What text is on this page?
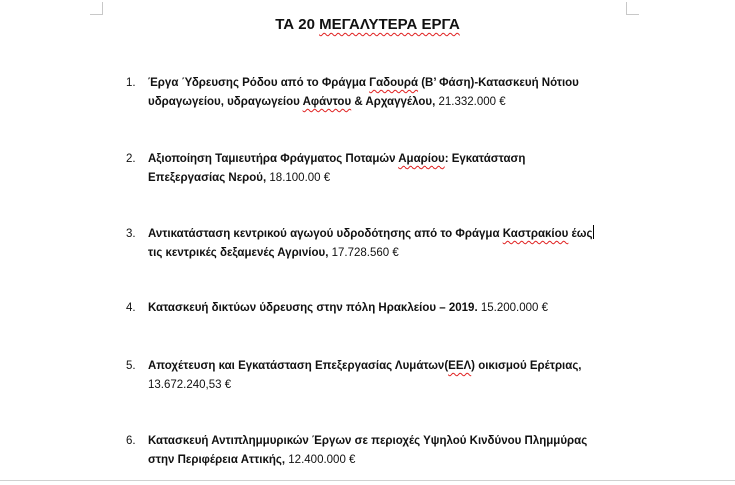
ΤΑ 20 ΜΕΓΑΛΥΤΕΡΑ ΕΡΓΑ
1.	Έργα Ύδρευσης Ρόδου από το Φράγμα Γαδουρά (Β’ Φάση)-Κατασκευή Νότιου
υδραγωγείου, υδραγωγείου Αφάντου & Αρχαγγέλου, 21.332.000 €
2.	Αξιοποίηση Ταμιευτήρα Φράγματος Ποταμών Αμαρίου: Εγκατάσταση
Επεξεργασίας Νερού, 18.100.00 €
3.	Αντικατάσταση κεντρικού αγωγού υδροδότησης από το Φράγμα Καστρακίου έως
τις κεντρικές δεξαμενές Αγρινίου, 17.728.560 €
4.	Κατασκευή δικτύων ύδρευσης στην πόλη Ηρακλείου – 2019. 15.200.000 €
5.	Αποχέτευση και Εγκατάσταση Επεξεργασίας Λυμάτων(ΕΕΛ) οικισμού Ερέτριας,
13.672.240,53 €
6.	Κατασκευή Αντιπλημμυρικών Έργων σε περιοχές Υψηλού Κινδύνου Πλημμύρας
στην Περιφέρεια Αττικής, 12.400.000 €
